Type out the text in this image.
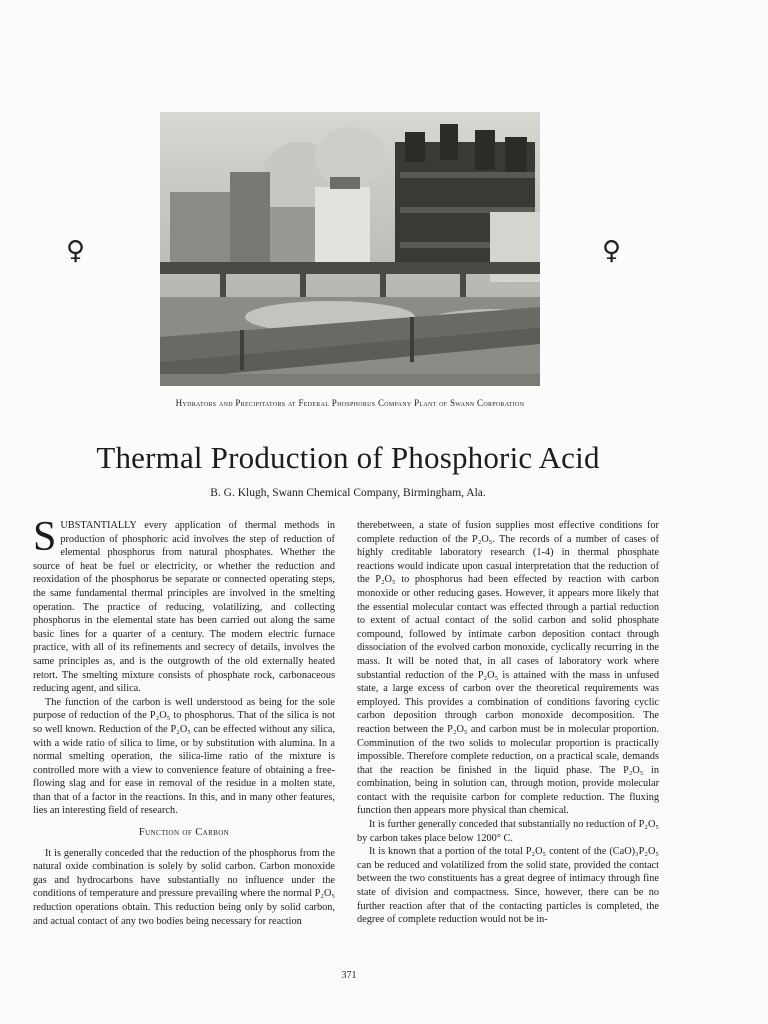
♀	♀
Hydrators and Precipitators at Federal Phosphorus Company Plant of Swann Corporation
Thermal Production of Phosphoric Acid
B. G. Klugh, Swann Chemical Company, Birmingham, Ala.

SUBSTANTIALLY every application of thermal methods in production of phosphoric acid involves the step of reduction of elemental phosphorus from natural phosphates. Whether the source of heat be fuel or electricity, or whether the reduction and reoxidation of the phosphorus be separate or connected operating steps, the same fundamental thermal principles are involved in the smelting operation. The practice of reducing, volatilizing, and collecting phosphorus in the elemental state has been carried out along the same basic lines for a quarter of a century. The modern electric furnace practice, with all of its refinements and secrecy of details, involves the same principles as, and is the outgrowth of the old externally heated retort. The smelting mixture consists of phosphate rock, carbonaceous reducing agent, and silica.

The function of the carbon is well understood as being for the sole purpose of reduction of the P₂O₅ to phosphorus. That of the silica is not so well known. Reduction of the P₂O₅ can be effected without any silica, with a wide ratio of silica to lime, or by substitution with alumina. In a normal smelting operation, the silica-lime ratio of the mixture is controlled more with a view to convenience feature of obtaining a free-flowing slag and for ease in removal of the residue in a molten state, than that of a factor in the reactions. In this, and in many other features, lies an interesting field of research.

Function of Carbon

It is generally conceded that the reduction of the phosphorus from the natural oxide combination is solely by solid carbon. Carbon monoxide gas and hydrocarbons have substantially no influence under the conditions of temperature and pressure prevailing where the normal P₂O₅ reduction operations obtain. This reduction being only by solid carbon, and actual contact of any two bodies being necessary for reaction

therebetween, a state of fusion supplies most effective conditions for complete reduction of the P₂O₅. The records of a number of cases of highly creditable laboratory research (1-4) in thermal phosphate reactions would indicate upon casual interpretation that the reduction of the P₂O₅ to phosphorus had been effected by reaction with carbon monoxide or other reducing gases. However, it appears more likely that the essential molecular contact was effected through a partial reduction to extent of actual contact of the solid carbon and solid phosphate compound, followed by intimate carbon deposition contact through dissociation of the evolved carbon monoxide, cyclically recurring in the mass. It will be noted that, in all cases of laboratory work where substantial reduction of the P₂O₅ is attained with the mass in unfused state, a large excess of carbon over the theoretical requirements was employed. This provides a combination of conditions favoring cyclic carbon deposition through carbon monoxide decomposition. The reaction between the P₂O₅ and carbon must be in molecular proportion. Comminution of the two solids to molecular proportion is practically impossible. Therefore complete reduction, on a practical scale, demands that the reaction be finished in the liquid phase. The P₂O₅ in combination, being in solution can, through motion, provide molecular contact with the requisite carbon for complete reduction. The fluxing function then appears more physical than chemical.

It is further generally conceded that substantially no reduction of P₂O₅ by carbon takes place below 1200° C.

It is known that a portion of the total P₂O₅ content of the (CaO)₃P₂O₅ can be reduced and volatilized from the solid state, provided the contact between the two constituents has a great degree of intimacy through fine state of division and compactness. Since, however, there can be no further reaction after that of the contacting particles is completed, the degree of complete reduction would not be in-

371
